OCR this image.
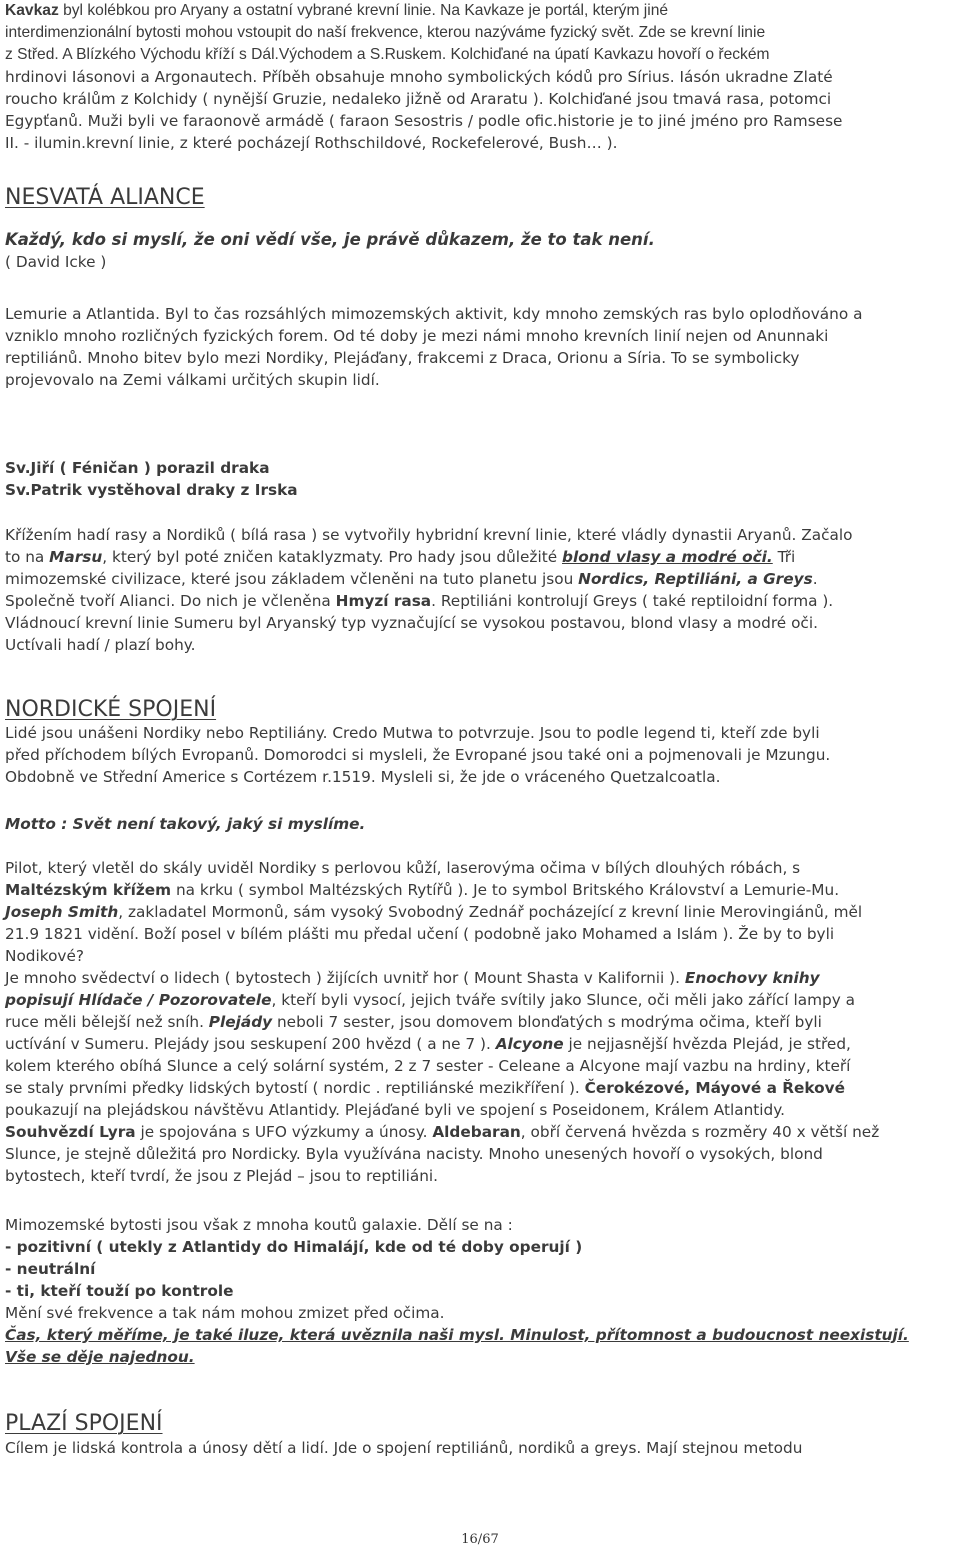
Kavkaz byl kolébkou pro Aryany a ostatní vybrané krevní linie. Na Kavkaze je portál, kterým jiné
interdimenzionální bytosti mohou vstoupit do naší frekvence, kterou nazýváme fyzický svět. Zde se krevní linie
z Střed. A Blízkého Východu kříží s Dál.Východem a S.Ruskem. Kolchiďané na úpatí Kavkazu hovoří o řeckém
hrdinovi Iásonovi a Argonautech. Příběh obsahuje mnoho symbolických kódů pro Sírius. Iásón ukradne Zlaté
roucho králům z Kolchidy ( nynější Gruzie, nedaleko jižně od Araratu ). Kolchiďané jsou tmavá rasa, potomci
Egypťanů. Muži byli ve faraonově armádě ( faraon Sesostris / podle ofic.historie je to jiné jméno pro Ramsese
II. - ilumin.krevní linie, z které pocházejí Rothschildové, Rockefelerové, Bush… ).
NESVATÁ ALIANCE
Každý, kdo si myslí, že oni vědí vše, je právě důkazem, že to tak není.
( David Icke )
Lemurie a Atlantida. Byl to čas rozsáhlých mimozemských aktivit, kdy mnoho zemských ras bylo oplodňováno a
vzniklo mnoho rozličných fyzických forem. Od té doby je mezi námi mnoho krevních linií nejen od Anunnaki
reptiliánů. Mnoho bitev bylo mezi Nordiky, Plejáďany, frakcemi z Draca, Orionu a Síria. To se symbolicky
projevovalo na Zemi válkami určitých skupin lidí.
Sv.Jiří ( Féničan ) porazil draka
Sv.Patrik vystěhoval draky z Irska
Křížením hadí rasy a Nordiků ( bílá rasa ) se vytvořily hybridní krevní linie, které vládly dynastii Aryanů. Začalo
to na Marsu, který byl poté zničen kataklyzmaty. Pro hady jsou důležité blond vlasy a modré oči. Tři
mimozemské civilizace, které jsou základem včleněni na tuto planetu jsou Nordics, Reptiliáni, a Greys.
Společně tvoří Alianci. Do nich je včleněna Hmyzí rasa. Reptiliáni kontrolují Greys ( také reptiloidní forma ).
Vládnoucí krevní linie Sumeru byl Aryanský typ vyznačující se vysokou postavou, blond vlasy a modré oči.
Uctívali hadí / plazí bohy.
NORDICKÉ SPOJENÍ
Lidé jsou unášeni Nordiky nebo Reptiliány. Credo Mutwa to potvrzuje. Jsou to podle legend ti, kteří zde byli
před příchodem bílých Evropanů. Domorodci si mysleli, že Evropané jsou také oni a pojmenovali je Mzungu.
Obdobně ve Střední Americe s Cortézem r.1519. Mysleli si, že jde o vráceného Quetzalcoatla.
Motto : Svět není takový, jaký si myslíme.
Pilot, který vletěl do skály uviděl Nordiky s perlovou kůží, laserovýma očima v bílých dlouhých róbách, s
Maltézským křížem na krku ( symbol Maltézských Rytířů ). Je to symbol Britského Království a Lemurie-Mu.
Joseph Smith, zakladatel Mormonů, sám vysoký Svobodný Zednář pocházející z krevní linie Merovingiánů, měl
21.9 1821 vidění. Boží posel v bílém plášti mu předal učení ( podobně jako Mohamed a Islám ). Že by to byli
Nodikové?
Je mnoho svědectví o lidech ( bytostech ) žijících uvnitř hor ( Mount Shasta v Kalifornii ). Enochovy knihy
popisují Hlídače / Pozorovatele, kteří byli vysocí, jejich tváře svítily jako Slunce, oči měli jako zářící lampy a
ruce měli bělejší než sníh. Plejády neboli 7 sester, jsou domovem blonďatých s modrýma očima, kteří byli
uctívání v Sumeru. Plejády jsou seskupení 200 hvězd ( a ne 7 ). Alcyone je nejjasnější hvězda Plejád, je střed,
kolem kterého obíhá Slunce a celý solární systém, 2 z 7 sester - Celeane a Alcyone mají vazbu na hrdiny, kteří
se staly prvními předky lidských bytostí ( nordic . reptiliánské mezikříření ). Čerokézové, Máyové a Řekové
poukazují na plejádskou návštěvu Atlantidy. Plejáďané byli ve spojení s Poseidonem, Králem Atlantidy.
Souhvězdí Lyra je spojována s UFO výzkumy a únosy. Aldebaran, obří červená hvězda s rozměry 40 x větší než
Slunce, je stejně důležitá pro Nordicky. Byla využívána nacisty. Mnoho unesených hovoří o vysokých, blond
bytostech, kteří tvrdí, že jsou z Plejád – jsou to reptiliáni.
Mimozemské bytosti jsou však z mnoha koutů galaxie. Dělí se na :
- pozitivní ( utekly z Atlantidy do Himalájí, kde od té doby operují )
- neutrální
- ti, kteří touží po kontrole
Mění své frekvence a tak nám mohou zmizet před očima.
Čas, který měříme, je také iluze, která uvěznila naši mysl. Minulost, přítomnost a budoucnost neexistují.
Vše se děje najednou.
PLAZÍ SPOJENÍ
Cílem je lidská kontrola a únosy dětí a lidí. Jde o spojení reptiliánů, nordiků a greys. Mají stejnou metodu
16/67
